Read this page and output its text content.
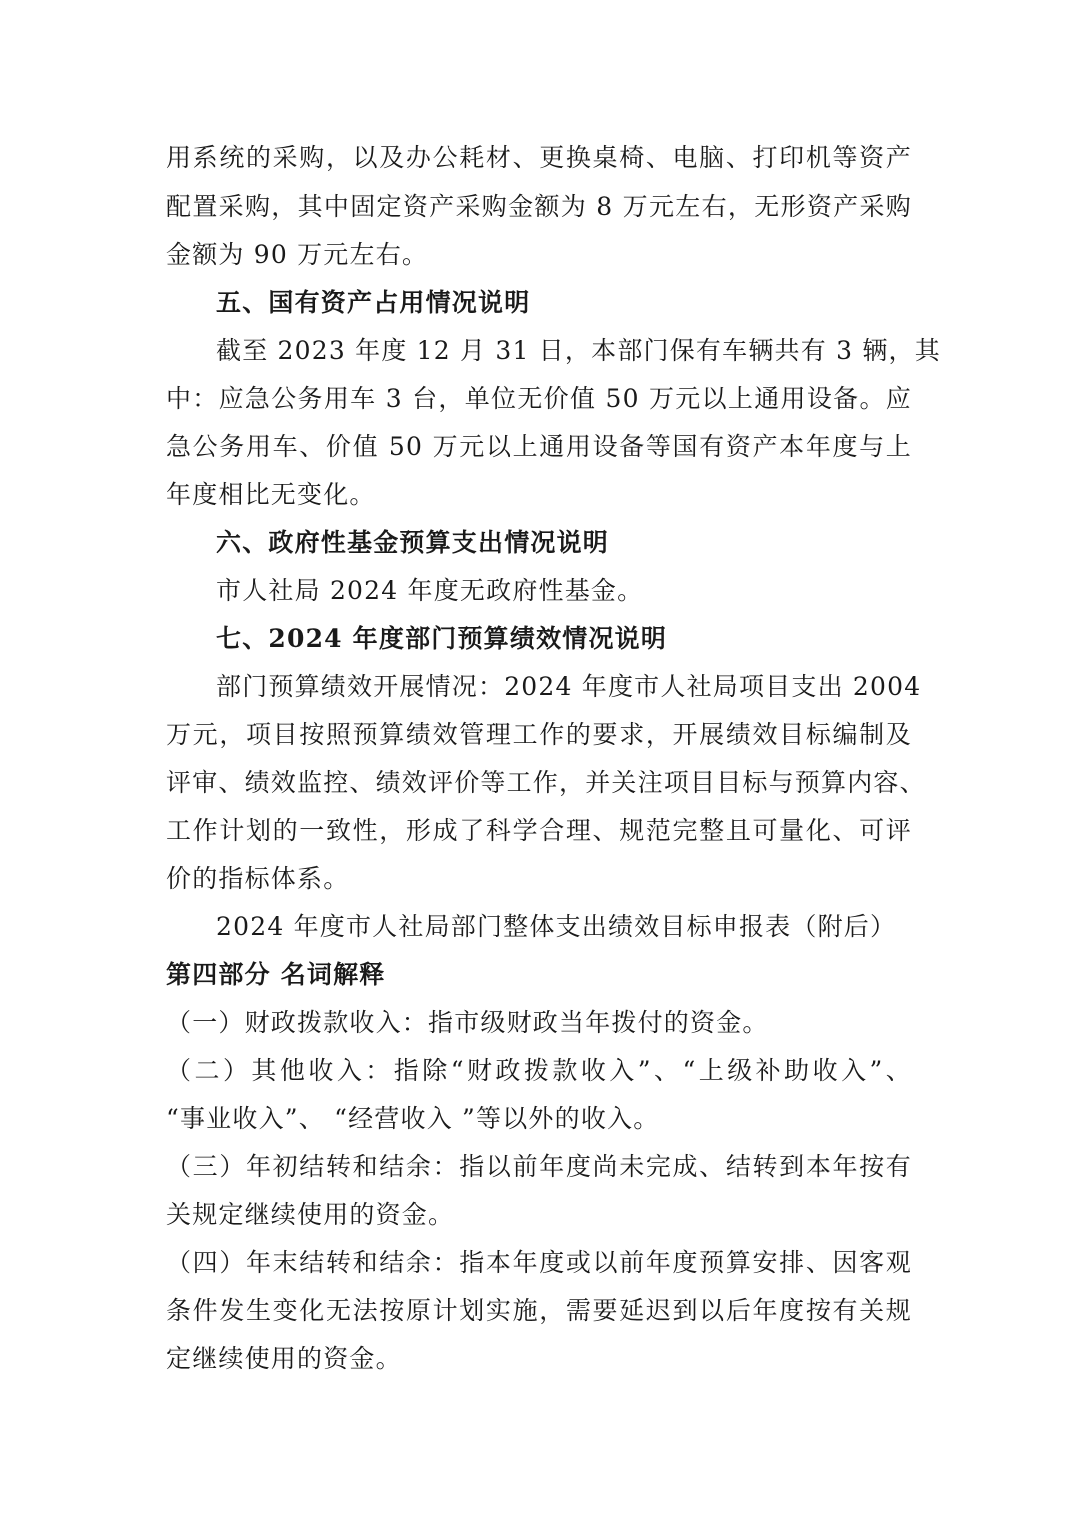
用系统的采购，以及办公耗材、更换桌椅、电脑、打印机等资产

配置采购，其中固定资产采购金额为 8 万元左右，无形资产采购

金额为 90 万元左右。

五、国有资产占用情况说明

截至 2023 年度 12 月 31 日，本部门保有车辆共有 3 辆，其

中：应急公务用车 3 台，单位无价值 50 万元以上通用设备。应

急公务用车、价值 50 万元以上通用设备等国有资产本年度与上

年度相比无变化。

六、政府性基金预算支出情况说明

市人社局 2024 年度无政府性基金。

七、2024 年度部门预算绩效情况说明

部门预算绩效开展情况：2024 年度市人社局项目支出 2004

万元，项目按照预算绩效管理工作的要求，开展绩效目标编制及

评审、绩效监控、绩效评价等工作，并关注项目目标与预算内容、

工作计划的一致性，形成了科学合理、规范完整且可量化、可评

价的指标体系。

2024 年度市人社局部门整体支出绩效目标申报表（附后）

第四部分 名词解释

（一）财政拨款收入：指市级财政当年拨付的资金。

（二）其他收入：指除“财政拨款收入”、“上级补助收入”、

“事业收入”、 “经营收入 ”等以外的收入。

（三）年初结转和结余：指以前年度尚未完成、结转到本年按有

关规定继续使用的资金。

（四）年末结转和结余：指本年度或以前年度预算安排、因客观

条件发生变化无法按原计划实施，需要延迟到以后年度按有关规

定继续使用的资金。
